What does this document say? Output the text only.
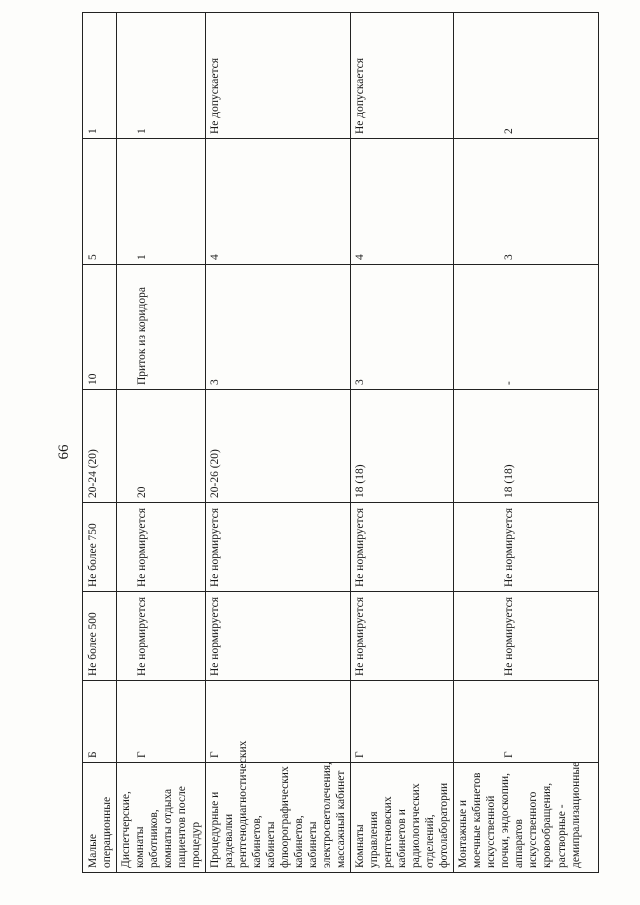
66
Малые операционные	Б	Не более 500	Не более 750	20-24 (20)	10	5	1
Диспетчерские, комнаты работников, комнаты отдыха пациентов после процедур	Г	Не нормируется	Не нормируется	20	Приток из коридора	1	1
Процедурные и раздевалки рентгенодиагностических кабинетов, кабинеты флюорографических кабинетов, кабинеты электросветолечения, массажный кабинет	Г	Не нормируется	Не нормируется	20-26 (20)	3	4	Не допускается
Комнаты управления рентгеновских кабинетов и радиологических отделений, фотолаборатории	Г	Не нормируется	Не нормируется	18 (18)	3	4	Не допускается
Монтажные и моечные кабинетов искусственной почки, эндоскопии, аппаратов искусственного кровообращения, растворные - демипрализационные	Г	Не нормируется	Не нормируется	18 (18)	-	3	2
